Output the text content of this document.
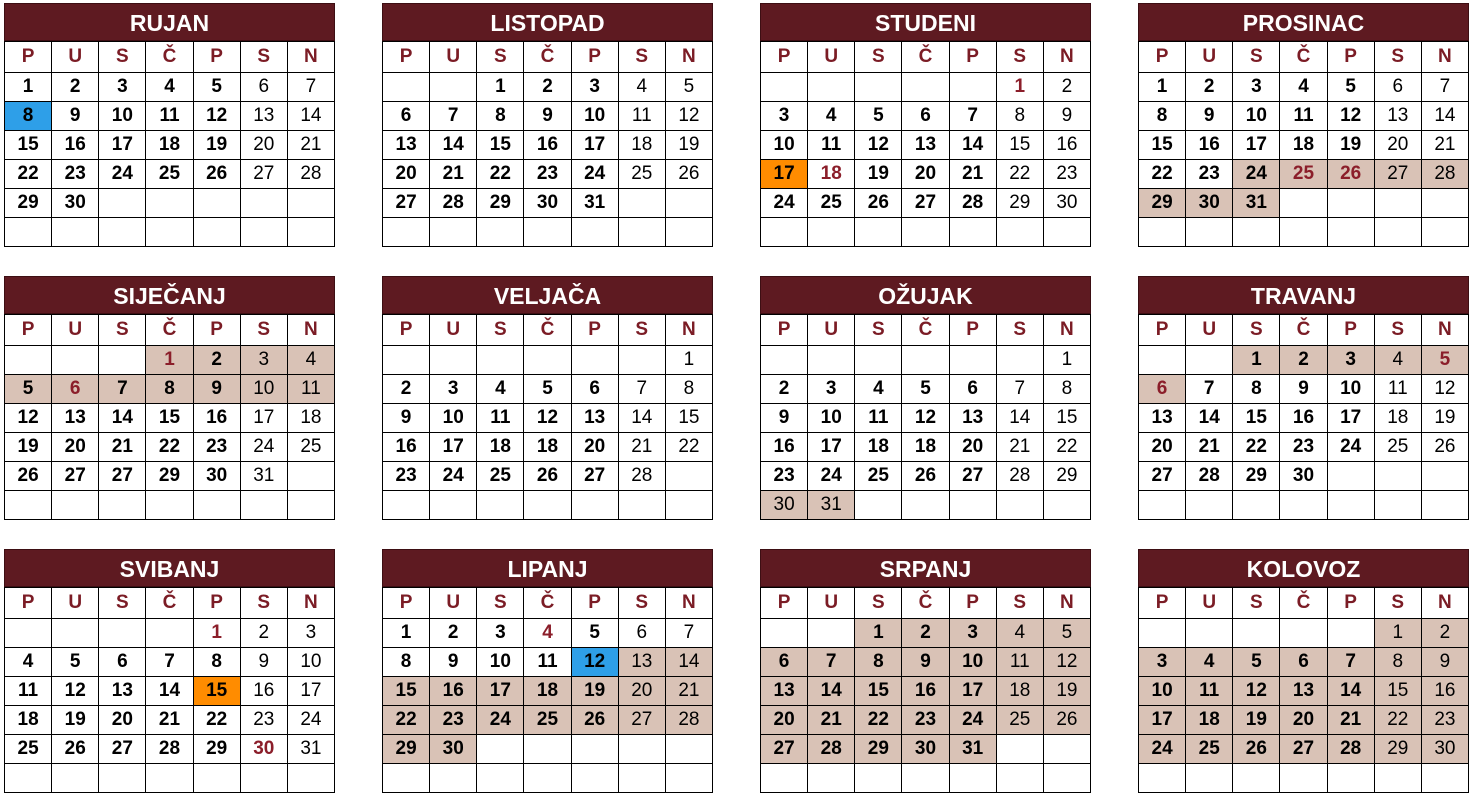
RUJAN
P	U	S	Č	P	S	N
1	2	3	4	5	6	7
8	9	10	11	12	13	14
15	16	17	18	19	20	21
22	23	24	25	26	27	28
29	30					

LISTOPAD
P	U	S	Č	P	S	N
		1	2	3	4	5
6	7	8	9	10	11	12
13	14	15	16	17	18	19
20	21	22	23	24	25	26
27	28	29	30	31		

STUDENI
P	U	S	Č	P	S	N
					1	2
3	4	5	6	7	8	9
10	11	12	13	14	15	16
17	18	19	20	21	22	23
24	25	26	27	28	29	30

PROSINAC
P	U	S	Č	P	S	N
1	2	3	4	5	6	7
8	9	10	11	12	13	14
15	16	17	18	19	20	21
22	23	24	25	26	27	28
29	30	31				

SIJEČANJ
P	U	S	Č	P	S	N
			1	2	3	4
5	6	7	8	9	10	11
12	13	14	15	16	17	18
19	20	21	22	23	24	25
26	27	27	29	30	31	

VELJAČA
P	U	S	Č	P	S	N
						1
2	3	4	5	6	7	8
9	10	11	12	13	14	15
16	17	18	18	20	21	22
23	24	25	26	27	28	

OŽUJAK
P	U	S	Č	P	S	N
						1
2	3	4	5	6	7	8
9	10	11	12	13	14	15
16	17	18	18	20	21	22
23	24	25	26	27	28	29
30	31					
TRAVANJ
P	U	S	Č	P	S	N
		1	2	3	4	5
6	7	8	9	10	11	12
13	14	15	16	17	18	19
20	21	22	23	24	25	26
27	28	29	30			

SVIBANJ
P	U	S	Č	P	S	N
				1	2	3
4	5	6	7	8	9	10
11	12	13	14	15	16	17
18	19	20	21	22	23	24
25	26	27	28	29	30	31

LIPANJ
P	U	S	Č	P	S	N
1	2	3	4	5	6	7
8	9	10	11	12	13	14
15	16	17	18	19	20	21
22	23	24	25	26	27	28
29	30					

SRPANJ
P	U	S	Č	P	S	N
		1	2	3	4	5
6	7	8	9	10	11	12
13	14	15	16	17	18	19
20	21	22	23	24	25	26
27	28	29	30	31		

KOLOVOZ
P	U	S	Č	P	S	N
					1	2
3	4	5	6	7	8	9
10	11	12	13	14	15	16
17	18	19	20	21	22	23
24	25	26	27	28	29	30
